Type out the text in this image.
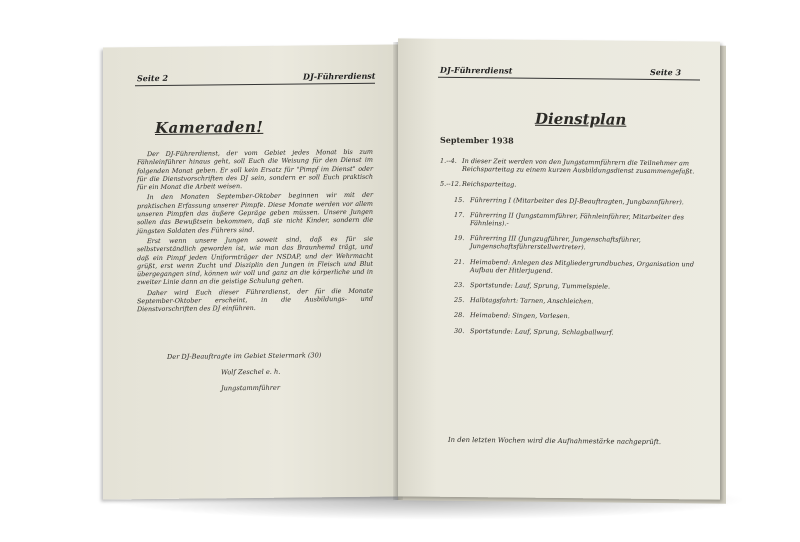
Seite 2	DJ-Führerdienst
Kameraden!

Der DJ-Führerdienst, der vom Gebiet jedes Monat bis zum Fähnleinführer hinaus geht, soll Euch die Weisung für den Dienst im folgenden Monat geben. Er soll kein Ersatz für "Pimpf im Dienst" oder für die Dienstvorschriften des DJ sein, sondern er soll Euch praktisch für ein Monat die Arbeit weisen.

In den Monaten September-Oktober beginnen wir mit der praktischen Erfassung unserer Pimpfe. Diese Monate werden vor allem unseren Pimpfen das äußere Gepräge geben müssen. Unsere Jungen sollen das Bewußtsein bekommen, daß sie nicht Kinder, sondern die jüngsten Soldaten des Führers sind.

Erst wenn unsere Jungen soweit sind, daß es für sie selbstverständlich geworden ist, wie man das Braunhemd trägt, und daß ein Pimpf jeden Uniformträger der NSDAP, und der Wehrmacht grüßt, erst wenn Zucht und Disziplin den Jungen in Fleisch und Blut übergegangen sind, können wir voll und ganz an die körperliche und in zweiter Linie dann an die geistige Schulung gehen.

Daher wird Euch dieser Führerdienst, der für die Monate September-Oktober erscheint, in die Ausbildungs- und Dienstvorschriften des DJ einführen.

Der DJ-Beauftragte im Gebiet Steiermark (30)
Wolf Zeschel e. h.
Jungstammführer
DJ-Führerdienst	Seite 3
Dienstplan
September 1938
1.--4. In dieser Zeit werden von den Jungstammführern die Teilnehmer am Reichsparteitag zu einem kurzen Ausbildungsdienst zusammengefaßt.
5.--12. Reichsparteitag.
15. Führerring I (Mitarbeiter des DJ-Beauftragten, Jungbannführer).
17. Führerring II (Jungstammführer, Fähnleinführer, Mitarbeiter des Fähnleins).-
19. Führerring III (Jungzugführer, Jungenschaftsführer, Jungenschaftsführerstellvertreter).
21. Heimabend: Anlegen des Mitgliedergrundbuches, Organisation und Aufbau der Hitlerjugend.
23. Sportstunde: Lauf, Sprung, Tummelspiele.
25. Halbtagsfahrt: Tarnen, Anschleichen.
28. Heimabend: Singen, Vorlesen.
30. Sportstunde: Lauf, Sprung, Schlagballwurf.
In den letzten Wochen wird die Aufnahmestärke nachgeprüft.
